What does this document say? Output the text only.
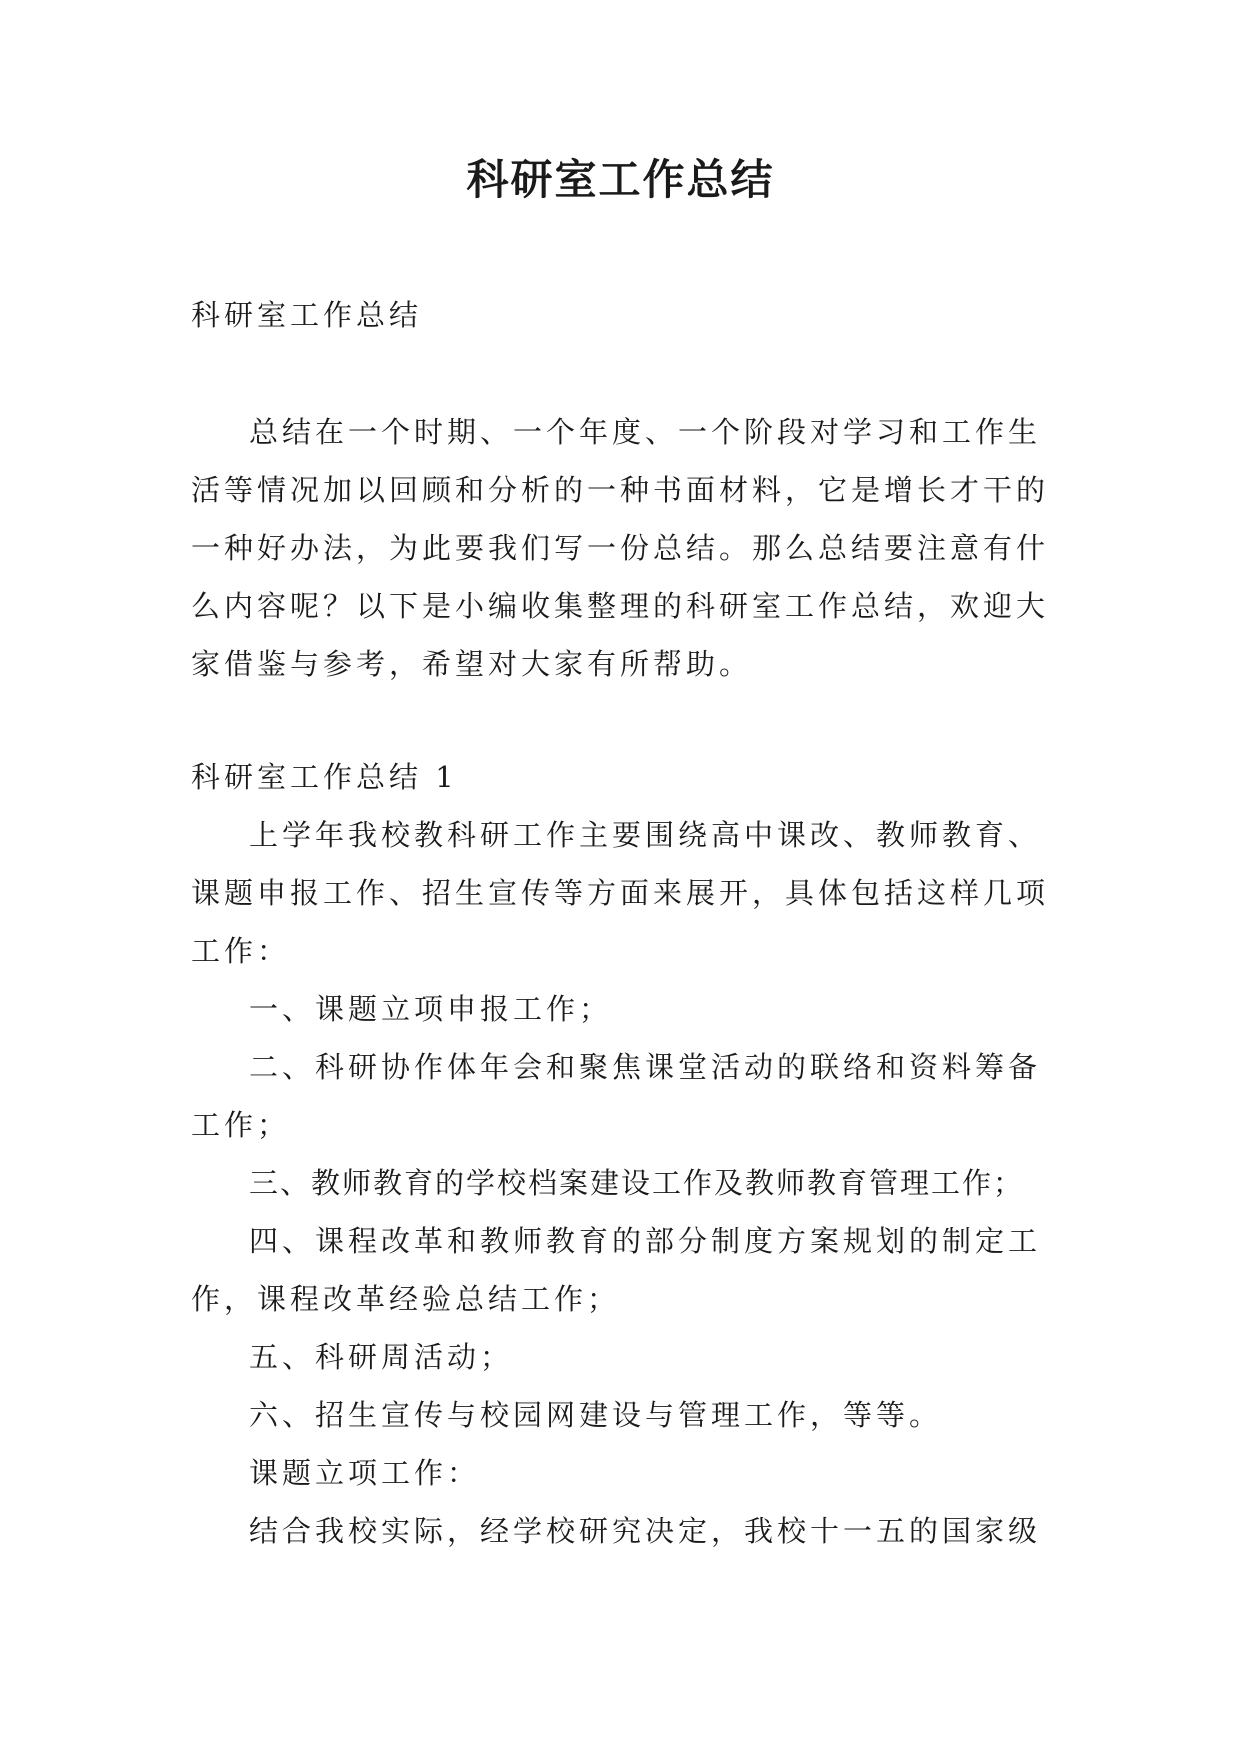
科研室工作总结

科研室工作总结

总结在一个时期、一个年度、一个阶段对学习和工作生
活等情况加以回顾和分析的一种书面材料，它是增长才干的
一种好办法，为此要我们写一份总结。那么总结要注意有什
么内容呢？以下是小编收集整理的科研室工作总结，欢迎大
家借鉴与参考，希望对大家有所帮助。
科研室工作总结 1
上学年我校教科研工作主要围绕高中课改、教师教育、
课题申报工作、招生宣传等方面来展开，具体包括这样几项
工作：
一、课题立项申报工作；
二、科研协作体年会和聚焦课堂活动的联络和资料筹备
工作；
三、教师教育的学校档案建设工作及教师教育管理工作；
四、课程改革和教师教育的部分制度方案规划的制定工
作，课程改革经验总结工作；
五、科研周活动；
六、招生宣传与校园网建设与管理工作，等等。
课题立项工作：
结合我校实际，经学校研究决定，我校十一五的国家级
